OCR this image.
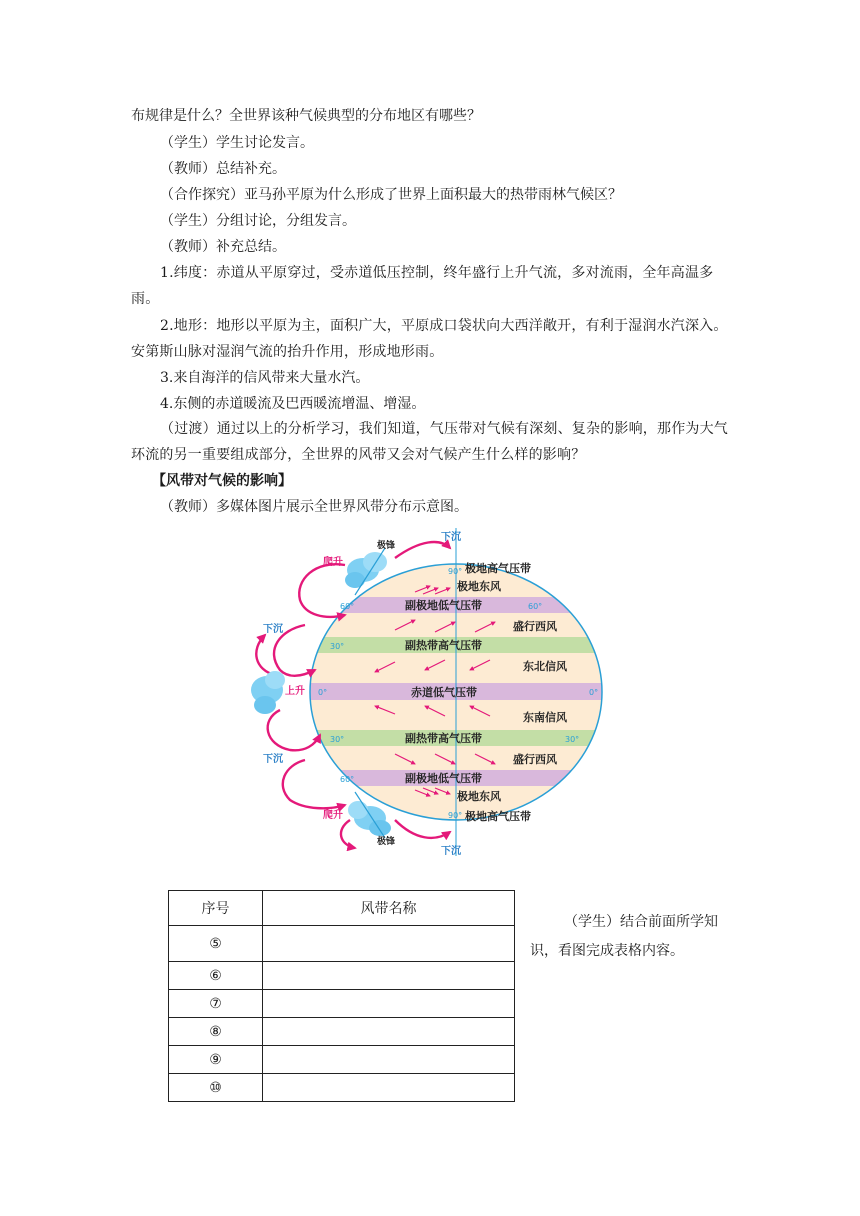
布规律是什么？全世界该种气候典型的分布地区有哪些？
（学生）学生讨论发言。
（教师）总结补充。
（合作探究）亚马孙平原为什么形成了世界上面积最大的热带雨林气候区？
（学生）分组讨论，分组发言。
（教师）补充总结。
1.纬度：赤道从平原穿过，受赤道低压控制，终年盛行上升气流，多对流雨，全年高温多雨。
2.地形：地形以平原为主，面积广大，平原成口袋状向大西洋敞开，有利于湿润水汽深入。安第斯山脉对湿润气流的抬升作用，形成地形雨。
3.来自海洋的信风带来大量水汽。
4.东侧的赤道暖流及巴西暖流增温、增湿。
（过渡）通过以上的分析学习，我们知道，气压带对气候有深刻、复杂的影响，那作为大气环流的另一重要组成部分，全世界的风带又会对气候产生什么样的影响？
【风带对气候的影响】
（教师）多媒体图片展示全世界风带分布示意图。
极地高气压带
极地东风
副极地低气压带
盛行西风
副热带高气压带
东北信风
赤道低气压带
东南信风
副热带高气压带
盛行西风
副极地低气压带
极地东风
极地高气压带
90°
60°	60°
30°
0°	0°
30°	30°
60°
90°
爬升
爬升
极锋
极锋
下沉
下沉
下沉
下沉
上升
序号	风带名称
⑤	
⑥	
⑦	
⑧	
⑨	
⑩	
（学生）结合前面所学知识，看图完成表格内容。
